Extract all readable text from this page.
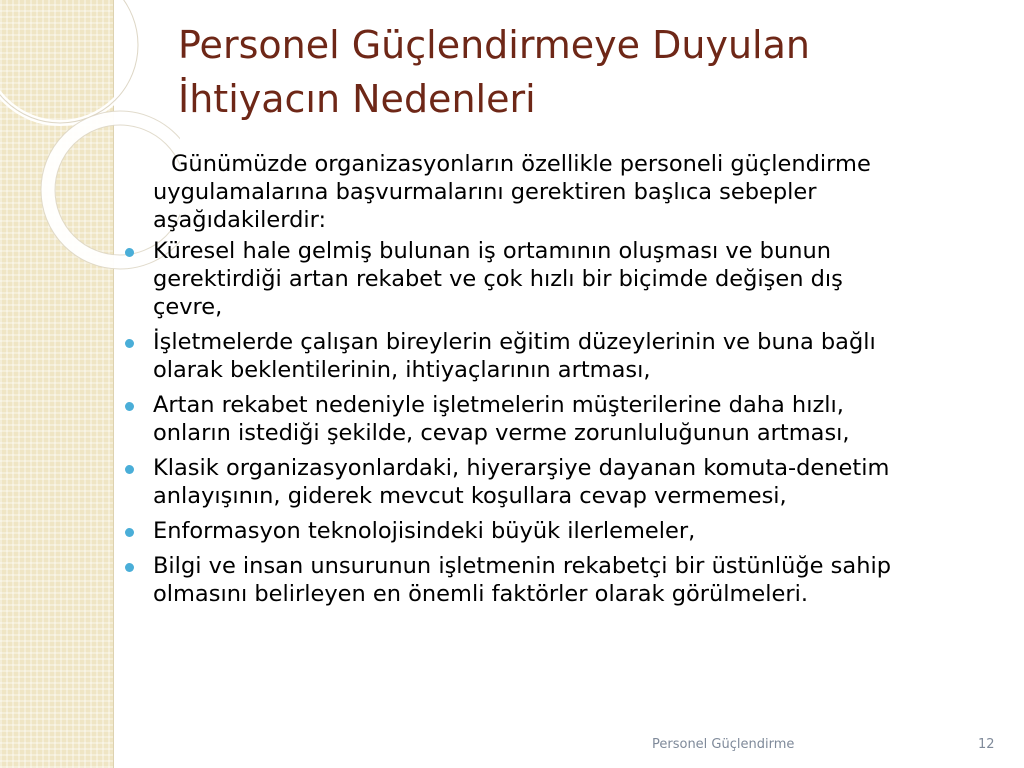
Personel Güçlendirmeye Duyulan
İhtiyacın Nedenleri

Günümüzde organizasyonların özellikle personeli güçlendirme
uygulamalarına başvurmalarını gerektiren başlıca sebepler
aşağıdakilerdir:

Küresel hale gelmiş bulunan iş ortamının oluşması ve bunun
gerektirdiği artan rekabet ve çok hızlı bir biçimde değişen dış
çevre,
İşletmelerde çalışan bireylerin eğitim düzeylerinin ve buna bağlı
olarak beklentilerinin, ihtiyaçlarının artması,
Artan rekabet nedeniyle işletmelerin müşterilerine daha hızlı,
onların istediği şekilde, cevap verme zorunluluğunun artması,
Klasik organizasyonlardaki, hiyerarşiye dayanan komuta-denetim
anlayışının, giderek mevcut koşullara cevap vermemesi,
Enformasyon teknolojisindeki büyük ilerlemeler,
Bilgi ve insan unsurunun işletmenin rekabetçi bir üstünlüğe sahip
olmasını belirleyen en önemli faktörler olarak görülmeleri.
Personel Güçlendirme	12
